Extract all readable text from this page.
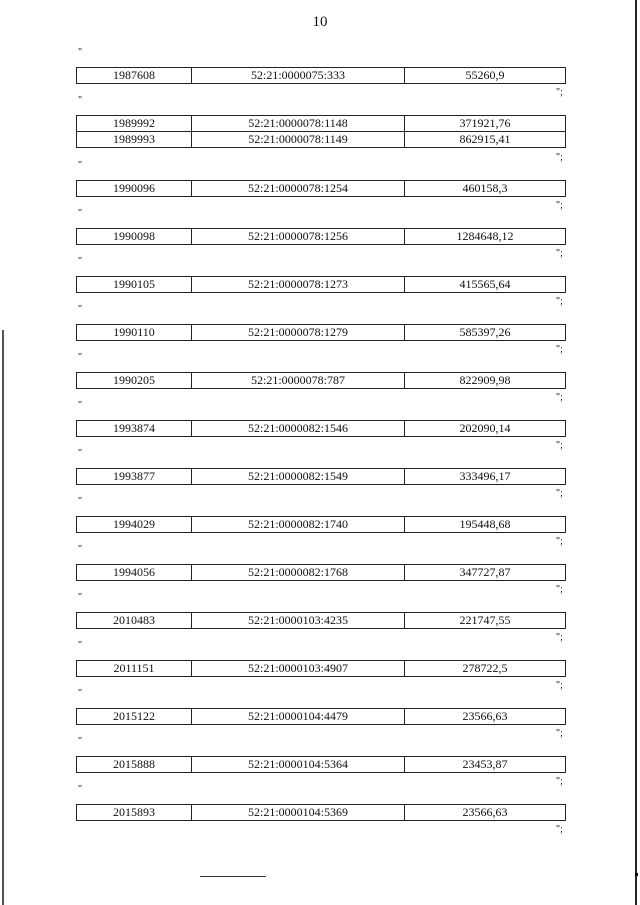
10
"
1987608	52:21:0000075:333	55260,9
";
"
1989992	52:21:0000078:1148	371921,76
1989993	52:21:0000078:1149	862915,41
";
"
1990096	52:21:0000078:1254	460158,3
";
"
1990098	52:21:0000078:1256	1284648,12
";
"
1990105	52:21:0000078:1273	415565,64
";
"
1990110	52:21:0000078:1279	585397,26
";
"
1990205	52:21:0000078:787	822909,98
";
"
1993874	52:21:0000082:1546	202090,14
";
"
1993877	52:21:0000082:1549	333496,17
";
"
1994029	52:21:0000082:1740	195448,68
";
"
1994056	52:21:0000082:1768	347727,87
";
"
2010483	52:21:0000103:4235	221747,55
";
"
2011151	52:21:0000103:4907	278722,5
";
"
2015122	52:21:0000104:4479	23566,63
";
"
2015888	52:21:0000104:5364	23453,87
";
"
2015893	52:21:0000104:5369	23566,63
";
